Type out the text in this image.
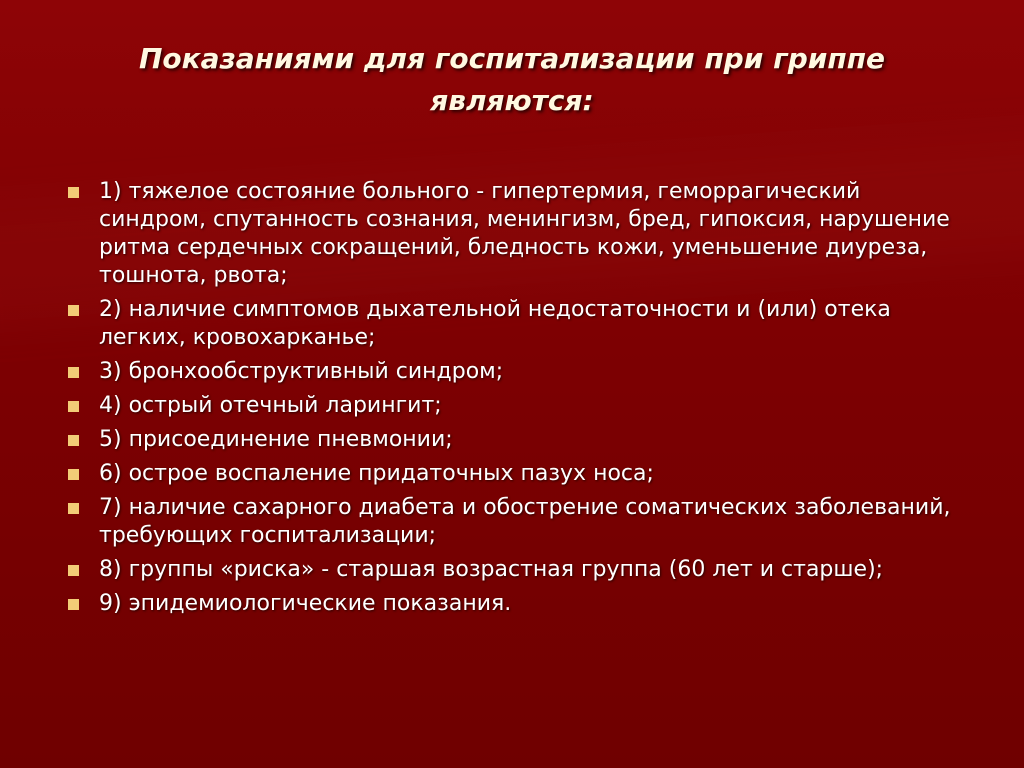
Показаниями для госпитализации при гриппе
являются:
1) тяжелое состояние больного - гипертермия, геморрагический синдром, спутанность сознания, менингизм, бред, гипоксия, нарушение ритма сердечных сокращений, бледность кожи, уменьшение диуреза, тошнота, рвота;
2) наличие симптомов дыхательной недостаточности и (или) отека легких, кровохарканье;
3) бронхообструктивный синдром;
4) острый отечный ларингит;
5) присоединение пневмонии;
6) острое воспаление придаточных пазух носа;
7) наличие сахарного диабета и обострение соматических заболеваний, требующих госпитализации;
8) группы «риска» - старшая возрастная группа (60 лет и старше);
9) эпидемиологические показания.
